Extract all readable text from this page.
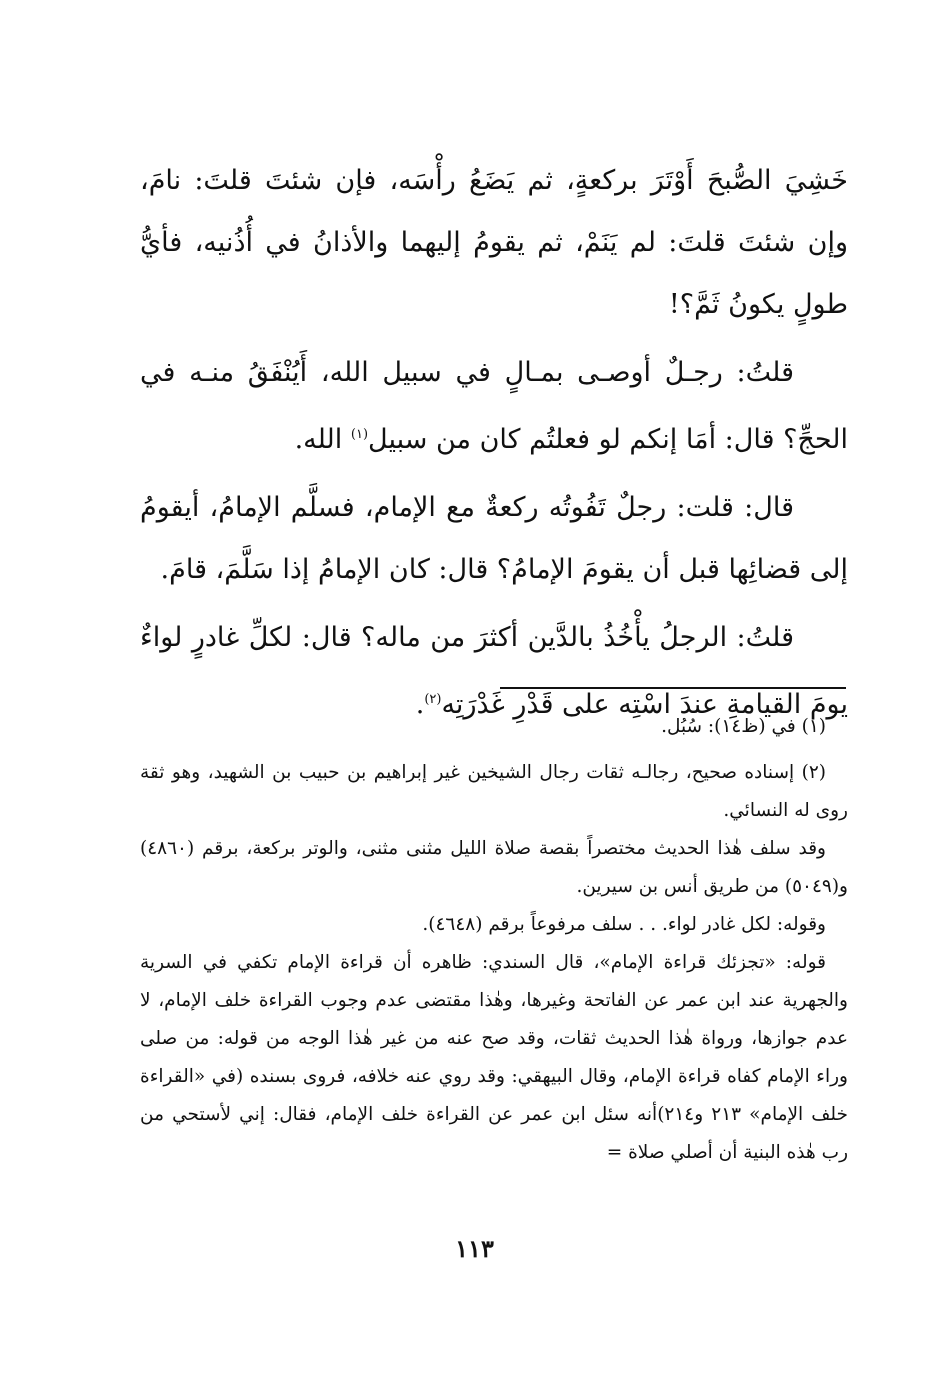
خَشِيَ الصُّبحَ أَوْتَرَ بركعةٍ، ثم يَضَعُ رأْسَه، فإن شئتَ قلتَ: نامَ، وإن شئتَ قلتَ: لم يَنَمْ، ثم يقومُ إليهما والأذانُ في أُذُنيه، فأيُّ طولٍ يكونُ ثَمَّ؟!

قلتُ: رجـلٌ أوصـى بمـالٍ في سبيل الله، أَيُنْفَقُ منـه في الحجِّ؟ قال: أمَا إنكم لو فعلتُم كان من سبيل$^{(١)}$ الله.

قال: قلت: رجلٌ تَفُوتُه ركعةٌ مع الإمام، فسلَّم الإمامُ، أيقومُ إلى قضائِها قبل أن يقومَ الإمامُ؟ قال: كان الإمامُ إذا سَلَّمَ، قامَ.

قلتُ: الرجلُ يأْخُذُ بالدَّين أكثرَ من ماله؟ قال: لكلِّ غادرٍ لواءٌ يومَ القيامةِ عندَ اسْتِه على قَدْرِ غَدْرَتِه$^{(٢)}$.

(١) في (ظ١٤): سُبُل.

(٢) إسناده صحيح، رجالـه ثقات رجال الشيخين غير إبراهيم بن حبيب بن الشهيد، وهو ثقة روى له النسائي.

وقد سلف هٰذا الحديث مختصراً بقصة صلاة الليل مثنى مثنى، والوتر بركعة، برقم (٤٨٦٠) و(٥٠٤٩) من طريق أنس بن سيرين.

وقوله: لكل غادر لواء. . . سلف مرفوعاً برقم (٤٦٤٨).

قوله: «تجزئك قراءة الإمام»، قال السندي: ظاهره أن قراءة الإمام تكفي في السرية والجهرية عند ابن عمر عن الفاتحة وغيرها، وهٰذا مقتضى عدم وجوب القراءة خلف الإمام، لا عدم جوازها، ورواة هٰذا الحديث ثقات، وقد صح عنه من غير هٰذا الوجه من قوله: من صلى وراء الإمام كفاه قراءة الإمام، وقال البيهقي: وقد روي عنه خلافه، فروى بسنده (في «القراءة خلف الإمام» ٢١٣ و٢١٤)أنه سئل ابن عمر عن القراءة خلف الإمام، فقال: إني لأستحي من رب هٰذه البنية أن أصلي صلاة =

١١٣
